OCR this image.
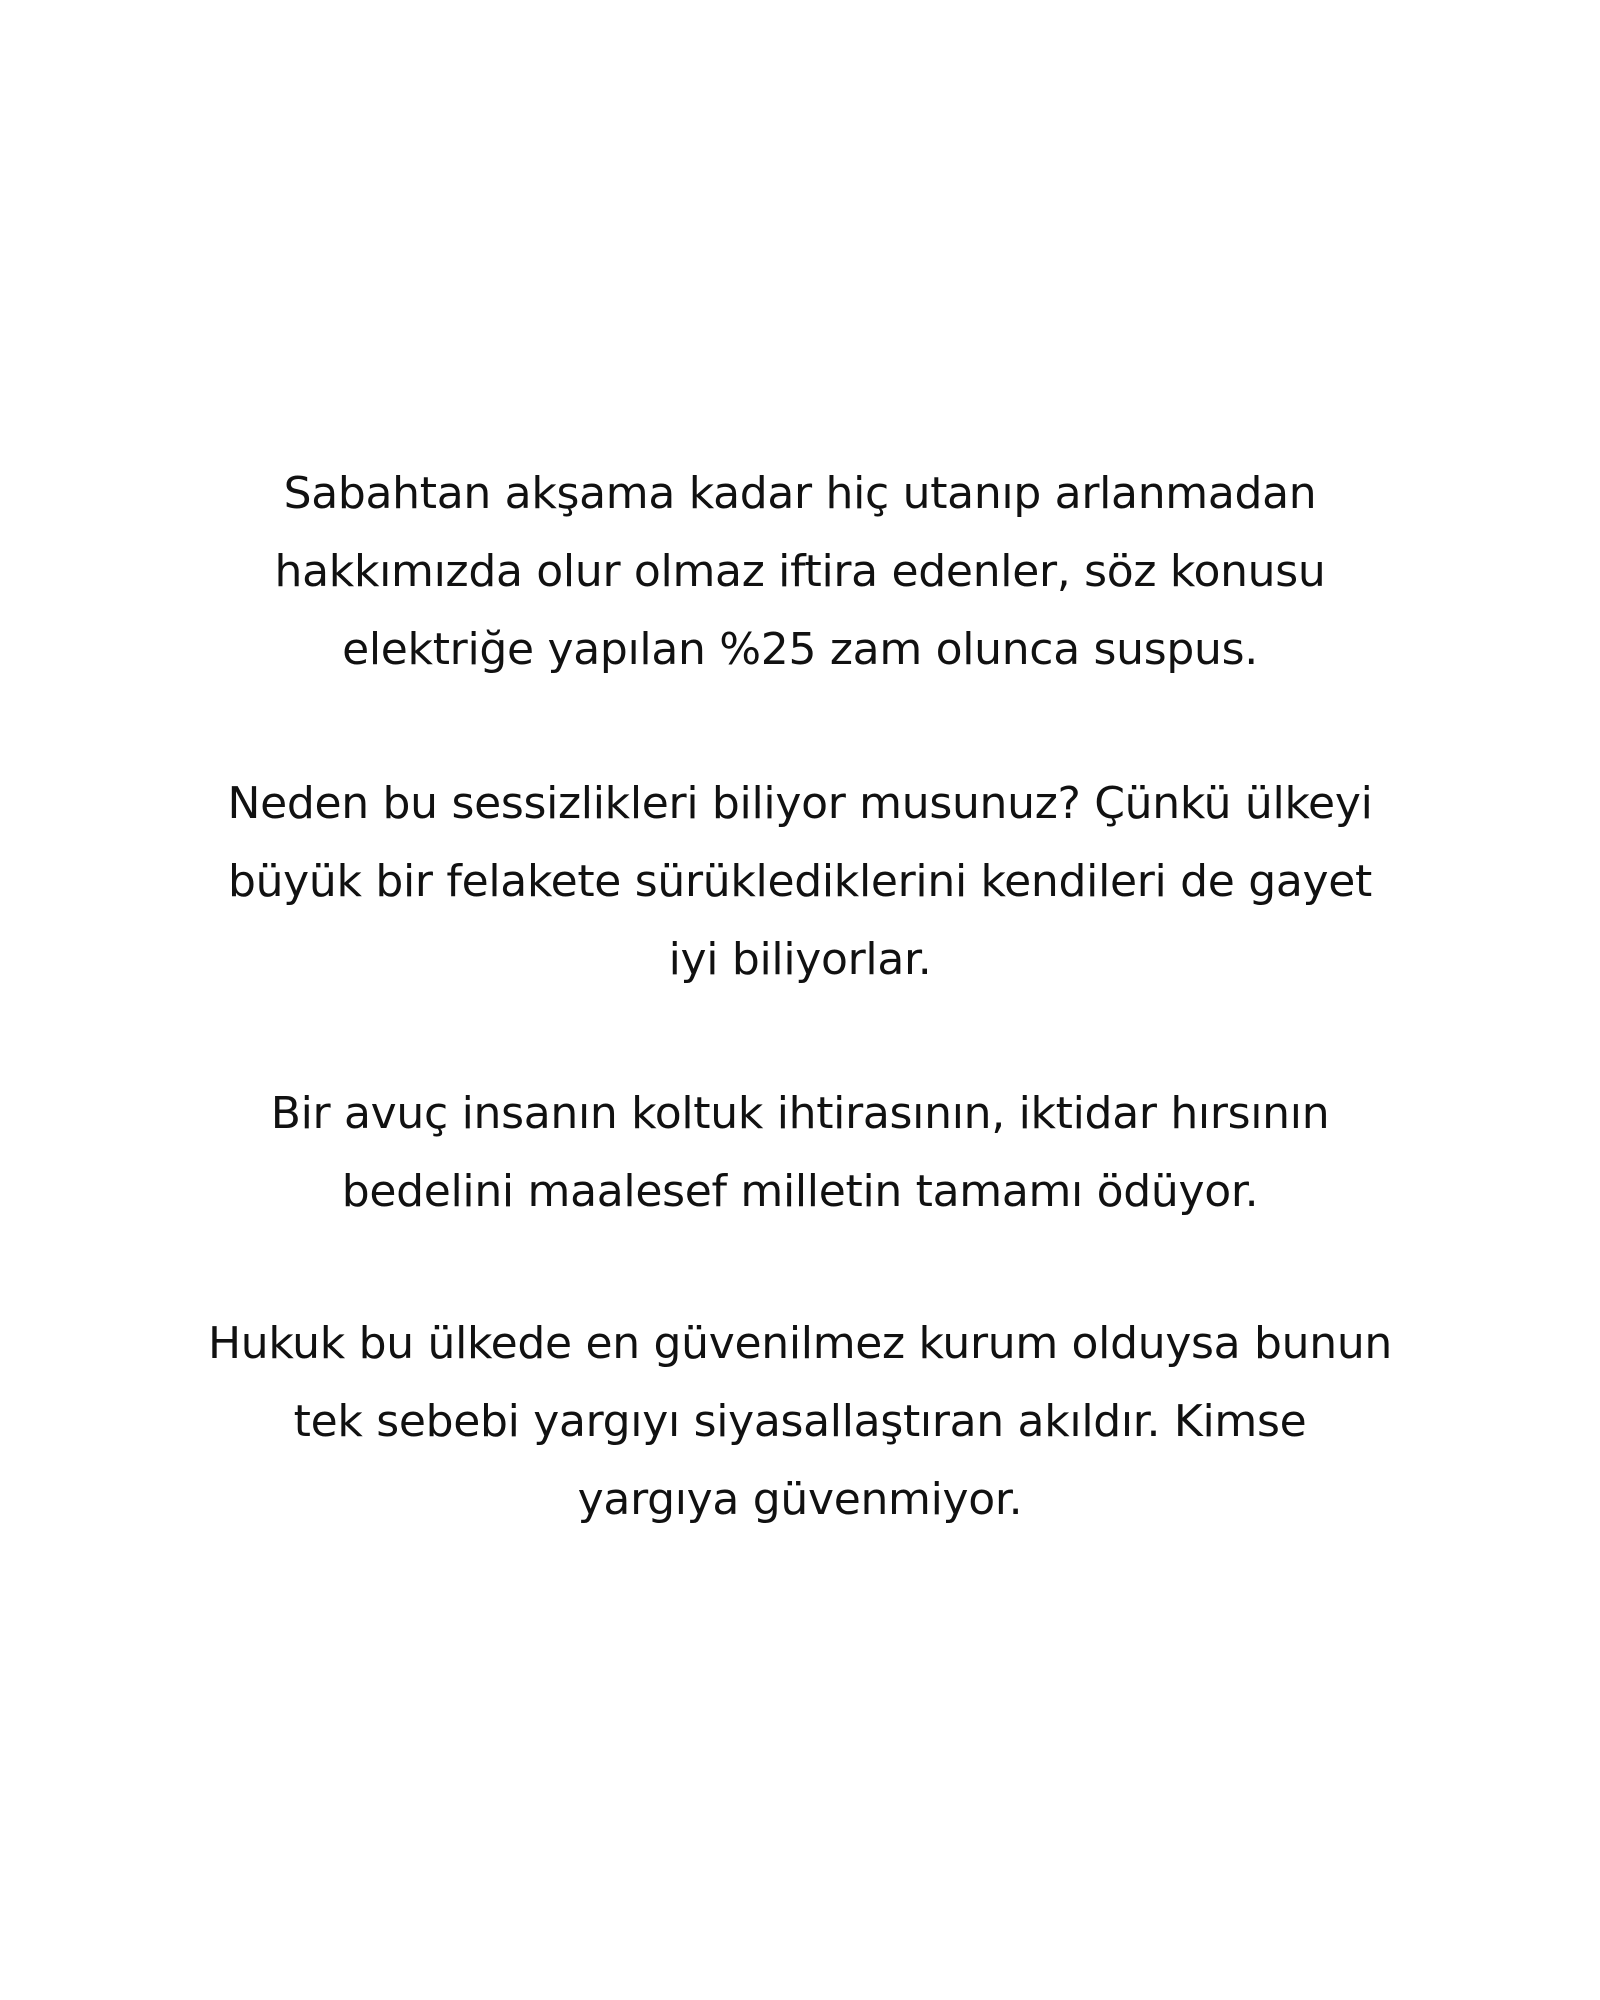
Sabahtan akşama kadar hiç utanıp arlanmadan
hakkımızda olur olmaz iftira edenler, söz konusu
elektriğe yapılan %25 zam olunca suspus.

Neden bu sessizlikleri biliyor musunuz? Çünkü ülkeyi
büyük bir felakete sürüklediklerini kendileri de gayet
iyi biliyorlar.

Bir avuç insanın koltuk ihtirasının, iktidar hırsının
bedelini maalesef milletin tamamı ödüyor.

Hukuk bu ülkede en güvenilmez kurum olduysa bunun
tek sebebi yargıyı siyasallaştıran akıldır. Kimse
yargıya güvenmiyor.
